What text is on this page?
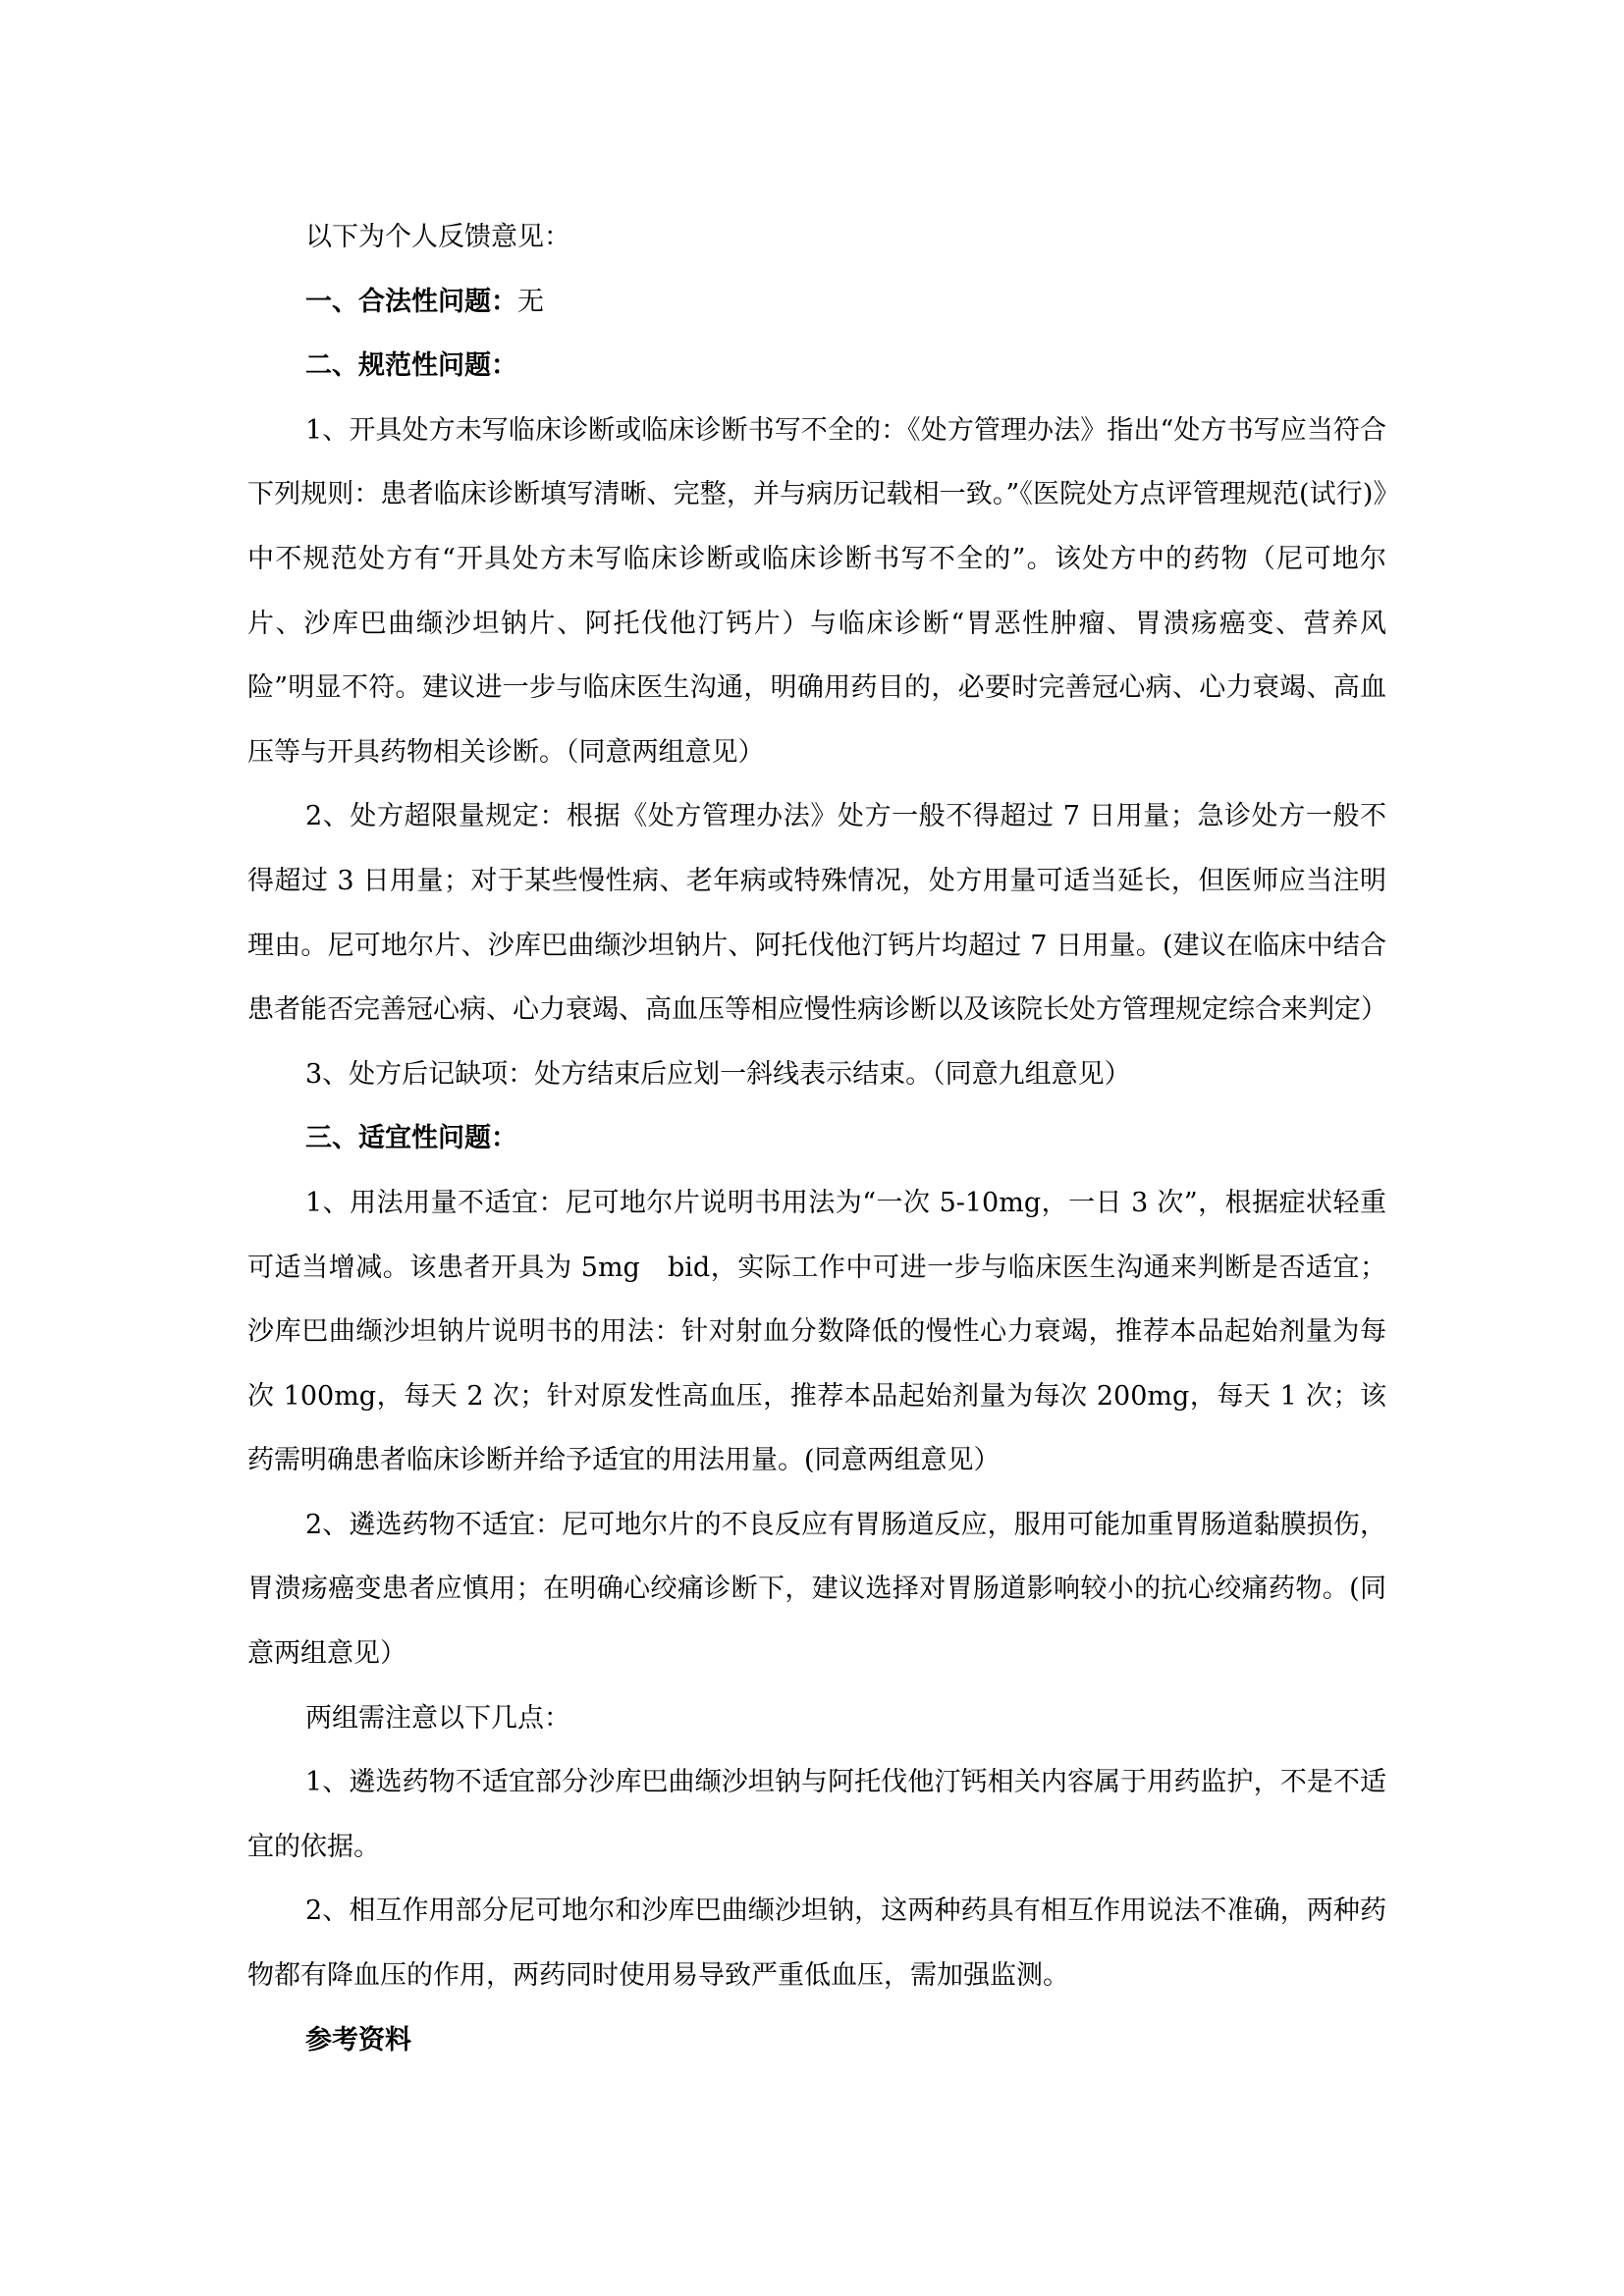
以下为个人反馈意见：

一、合法性问题：无

二、规范性问题：

1、开具处方未写临床诊断或临床诊断书写不全的：《处方管理办法》指出“处方书写应当符合下列规则：患者临床诊断填写清晰、完整，并与病历记载相一致。”《医院处方点评管理规范(试行)》中不规范处方有“开具处方未写临床诊断或临床诊断书写不全的”。该处方中的药物（尼可地尔片、沙库巴曲缬沙坦钠片、阿托伐他汀钙片）与临床诊断“胃恶性肿瘤、胃溃疡癌变、营养风险”明显不符。建议进一步与临床医生沟通，明确用药目的，必要时完善冠心病、心力衰竭、高血压等与开具药物相关诊断。（同意两组意见）

2、处方超限量规定：根据《处方管理办法》处方一般不得超过 7 日用量；急诊处方一般不得超过 3 日用量；对于某些慢性病、老年病或特殊情况，处方用量可适当延长，但医师应当注明理由。尼可地尔片、沙库巴曲缬沙坦钠片、阿托伐他汀钙片均超过 7 日用量。(建议在临床中结合患者能否完善冠心病、心力衰竭、高血压等相应慢性病诊断以及该院长处方管理规定综合来判定）

3、处方后记缺项：处方结束后应划一斜线表示结束。（同意九组意见）

三、适宜性问题：

1、用法用量不适宜：尼可地尔片说明书用法为“一次 5-10mg，一日 3 次”，根据症状轻重可适当增减。该患者开具为 5mg　bid，实际工作中可进一步与临床医生沟通来判断是否适宜；沙库巴曲缬沙坦钠片说明书的用法：针对射血分数降低的慢性心力衰竭，推荐本品起始剂量为每次 100mg，每天 2 次；针对原发性高血压，推荐本品起始剂量为每次 200mg，每天 1 次；该药需明确患者临床诊断并给予适宜的用法用量。(同意两组意见）

2、遴选药物不适宜：尼可地尔片的不良反应有胃肠道反应，服用可能加重胃肠道黏膜损伤，胃溃疡癌变患者应慎用；在明确心绞痛诊断下，建议选择对胃肠道影响较小的抗心绞痛药物。(同意两组意见）

两组需注意以下几点：

1、遴选药物不适宜部分沙库巴曲缬沙坦钠与阿托伐他汀钙相关内容属于用药监护，不是不适宜的依据。

2、相互作用部分尼可地尔和沙库巴曲缬沙坦钠，这两种药具有相互作用说法不准确，两种药物都有降血压的作用，两药同时使用易导致严重低血压，需加强监测。

参考资料
